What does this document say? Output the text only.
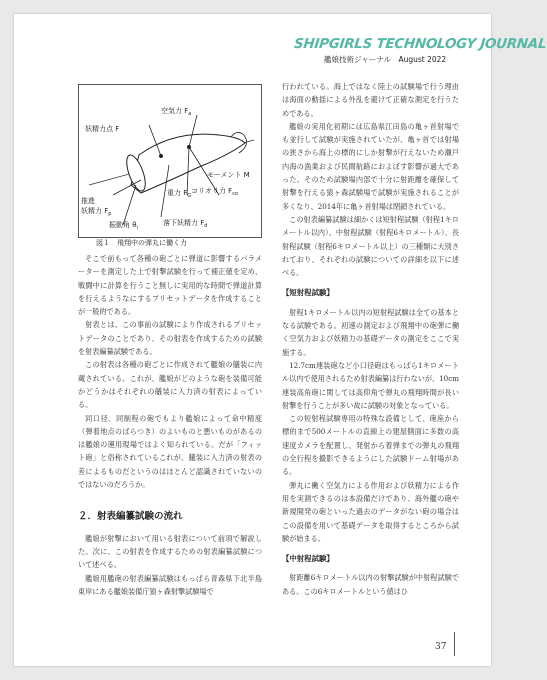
SHIPGIRLS TECHNOLOGY JOURNAL
艦娘技術ジャーナル　August 2022
空気力 $F_a$
妖精力点 F
モーメント M
重力 $F_G$
コリオリ力 $F_{co}$
推進
妖精力 $F_p$
振動角 $\theta_i$
落下妖精力 $F_d$
図１　飛翔中の弾丸に働く力

そこで前もって各種の砲ごとに弾道に影響するパラメーターを測定した上で射撃試験を行って補正値を定め、戦闘中に計算を行うこと無しに実用的な時間で弾道計算を行えるようなにするプリセットデータを作成することが一般的である。

射表とは、この事前の試験により作成されるプリセットデータのことであり、その射表を作成するための試験を射表編纂試験である。

この射表は各種の砲ごとに作成されて艦娘の艤装に内蔵されている。これが、艦娘がどのような砲を装備可能かどうかはそれぞれの艤装に入力済の射表によっている。

同口径、同制程の砲でもより艦娘によって命中精度（弾着地点のばらつき）のよいものと悪いものがあるのは艦娘の運用現場ではよく知られている。だが「フィット砲」と俗称されているこれが、艤装に入力済の射表の差によるものだというのはほとんど認識されていないのではないのだろうか。

２．射表編纂試験の流れ

艦娘が射撃において用いる射表について前項で解説した。次に、この射表を作成するための射表編纂試験について述べる。

艦娘用艦砲の射表編纂試験はもっぱら青森県下北半島東岸にある艦娘装備庁猿ヶ森射撃試験場で

行われている。海上ではなく陸上の試験場で行う理由は海面の動揺による外乱を避けて正確な測定を行うためである。

艦娘の実用化初期には広島県江田島の亀ヶ首射場でも並行して試験が実施されていたが、亀ヶ首では射場の狭さから海上の標的にしか射撃が行えないため瀬戸内海の漁業および民間航路におよぼす影響が過大であった。そのため試験場内部で十分に射距離を確保して射撃を行える猿ヶ森試験場で試験が実施されることが多くなり、2014年に亀ヶ首射場は閉鎖されている。

この射表編纂試験は細かくは短射程試験（射程1キロメートル以内）、中射程試験（射程6キロメートル）、長射程試験（射程6キロメートル以上）の三種類に大別されており、それぞれの試験についての詳細を以下に述べる。

【短射程試験】

射程1キロメートル以内の短射程試験は全ての基本となる試験である。初速の測定および飛翔中の砲弾に働く空気力および妖精力の基礎データの測定をここで実施する。

12.7cm連装砲など小口径砲はもっぱら1キロメートル以内で使用されるため射表編纂は行わないが、10cm連装高角砲に関しては高仰角で弾丸の飛翔時間が長い射撃を行うことが多い故に試験の対象となっている。

この短射程試験専用の特殊な設備として、砲座から標的まで500メートルの直線上の建屋側面に多数の高速度カメラを配置し、発射から着弾までの弾丸の飛翔の全行程を撮影できるようにした試験ドーム射場がある。

弾丸に働く空気力による作用および妖精力による作用を実測できるのは本設備だけであり、海外艦の砲や新規開発の砲といった過去のデータがない砲の場合はこの設備を用いて基礎データを取得するところから試験が始まる。

【中射程試験】

射距離6キロメートル以内の射撃試験が中射程試験である。この6キロメートルという値はひ

37
